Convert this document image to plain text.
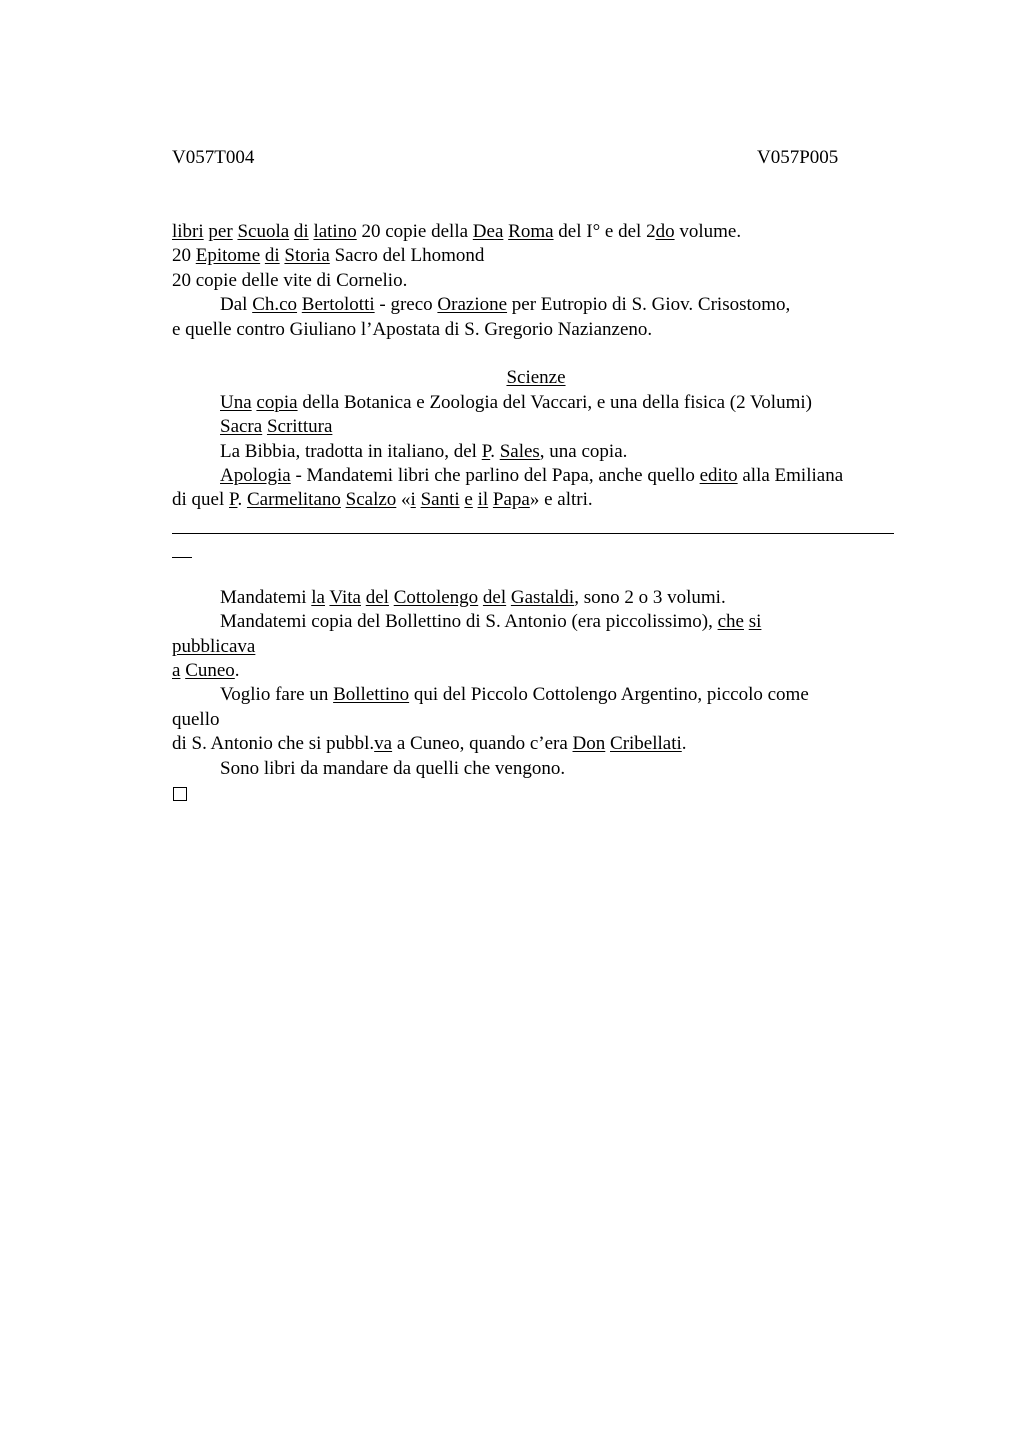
V057T004	V057P005
libri per Scuola di latino 20 copie della Dea Roma del I° e del 2do volume.
20 Epitome di Storia Sacro del Lhomond
20 copie delle vite di Cornelio.
Dal Ch.co Bertolotti - greco Orazione per Eutropio di S. Giov. Crisostomo,
e quelle contro Giuliano l’Apostata di S. Gregorio Nazianzeno.
Scienze
Una copia della Botanica e Zoologia del Vaccari, e una della fisica (2 Volumi)
Sacra Scrittura
La Bibbia, tradotta in italiano, del P. Sales, una copia.
Apologia - Mandatemi libri che parlino del Papa, anche quello edito alla Emiliana
di quel P. Carmelitano Scalzo «i Santi e il Papa» e altri.
Mandatemi la Vita del Cottolengo del Gastaldi, sono 2 o 3 volumi.
Mandatemi copia del Bollettino di S. Antonio (era piccolissimo), che si
pubblicava
a Cuneo.
Voglio fare un Bollettino qui del Piccolo Cottolengo Argentino, piccolo come
quello
di S. Antonio che si pubbl.va a Cuneo, quando c’era Don Cribellati.
Sono libri da mandare da quelli che vengono.
